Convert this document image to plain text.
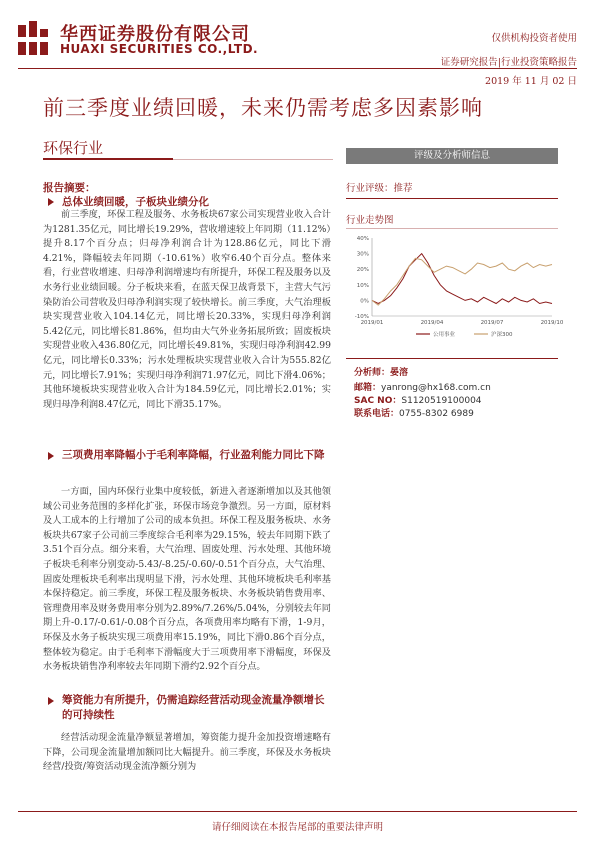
华西证券股份有限公司
HUAXI SECURITIES CO.,LTD.
仅供机构投资者使用
证券研究报告|行业投资策略报告
2019 年 11 月 02 日
前三季度业绩回暖，未来仍需考虑多因素影响
环保行业
报告摘要：
总体业绩回暖，子板块业绩分化
前三季度，环保工程及服务、水务板块67家公司实现营业收入合计为1281.35亿元，同比增长19.29%，营收增速较上年同期（11.12%）提升8.17个百分点；归母净利润合计为128.86亿元，同比下滑4.21%，降幅较去年同期（-10.61%）收窄6.40个百分点。整体来看，行业营收增速、归母净利润增速均有所提升，环保工程及服务以及水务行业业绩回暖。分子板块来看，在蓝天保卫战背景下，主营大气污染防治公司营收及归母净利润实现了较快增长。前三季度，大气治理板块实现营业收入104.14亿元，同比增长20.33%，实现归母净利润5.42亿元，同比增长81.86%，但均由大气外业务拓展所致；固废板块实现营业收入436.80亿元，同比增长49.81%，实现归母净利润42.99亿元，同比增长0.33%；污水处理板块实现营业收入合计为555.82亿元，同比增长7.91%；实现归母净利润71.97亿元，同比下滑4.06%；其他环境板块实现营业收入合计为184.59亿元，同比增长2.01%；实现归母净利润8.47亿元，同比下滑35.17%。
三项费用率降幅小于毛利率降幅，行业盈利能力同比下降
一方面，国内环保行业集中度较低，新进入者逐渐增加以及其他领域公司业务范围的多样化扩张，环保市场竞争激烈。另一方面，原材料及人工成本的上行增加了公司的成本负担。环保工程及服务板块、水务板块共67家子公司前三季度综合毛利率为29.15%，较去年同期下跌了3.51个百分点。细分来看，大气治理、固废处理、污水处理、其他环境子板块毛利率分别变动-5.43/-8.25/-0.60/-0.51个百分点，大气治理、固废处理板块毛利率出现明显下滑，污水处理、其他环境板块毛利率基本保持稳定。前三季度，环保工程及服务板块、水务板块销售费用率、管理费用率及财务费用率分别为2.89%/7.26%/5.04%，分别较去年同期上升-0.17/-0.61/-0.08个百分点，各项费用率均略有下滑，1-9月，环保及水务子板块实现三项费用率15.19%，同比下滑0.86个百分点，整体较为稳定。由于毛利率下滑幅度大于三项费用率下滑幅度，环保及水务板块销售净利率较去年同期下滑约2.92个百分点。
筹资能力有所提升，仍需追踪经营活动现金流量净额增长的可持续性
经营活动现金流量净额显著增加，筹资能力提升金加投资增速略有下降，公司现金流量增加额同比大幅提升。前三季度，环保及水务板块经营/投资/筹资活动现金流净额分别为
评级及分析师信息
行业评级：推荐
行业走势图
40%
30%
20%
10%
0%
-10%
2019/01	2019/04	2019/07	2019/10
公用事业	沪深300
分析师：晏溶
邮箱：yanrong@hx168.com.cn
SAC NO：S1120519100004
联系电话：0755-8302 6989
请仔细阅读在本报告尾部的重要法律声明
